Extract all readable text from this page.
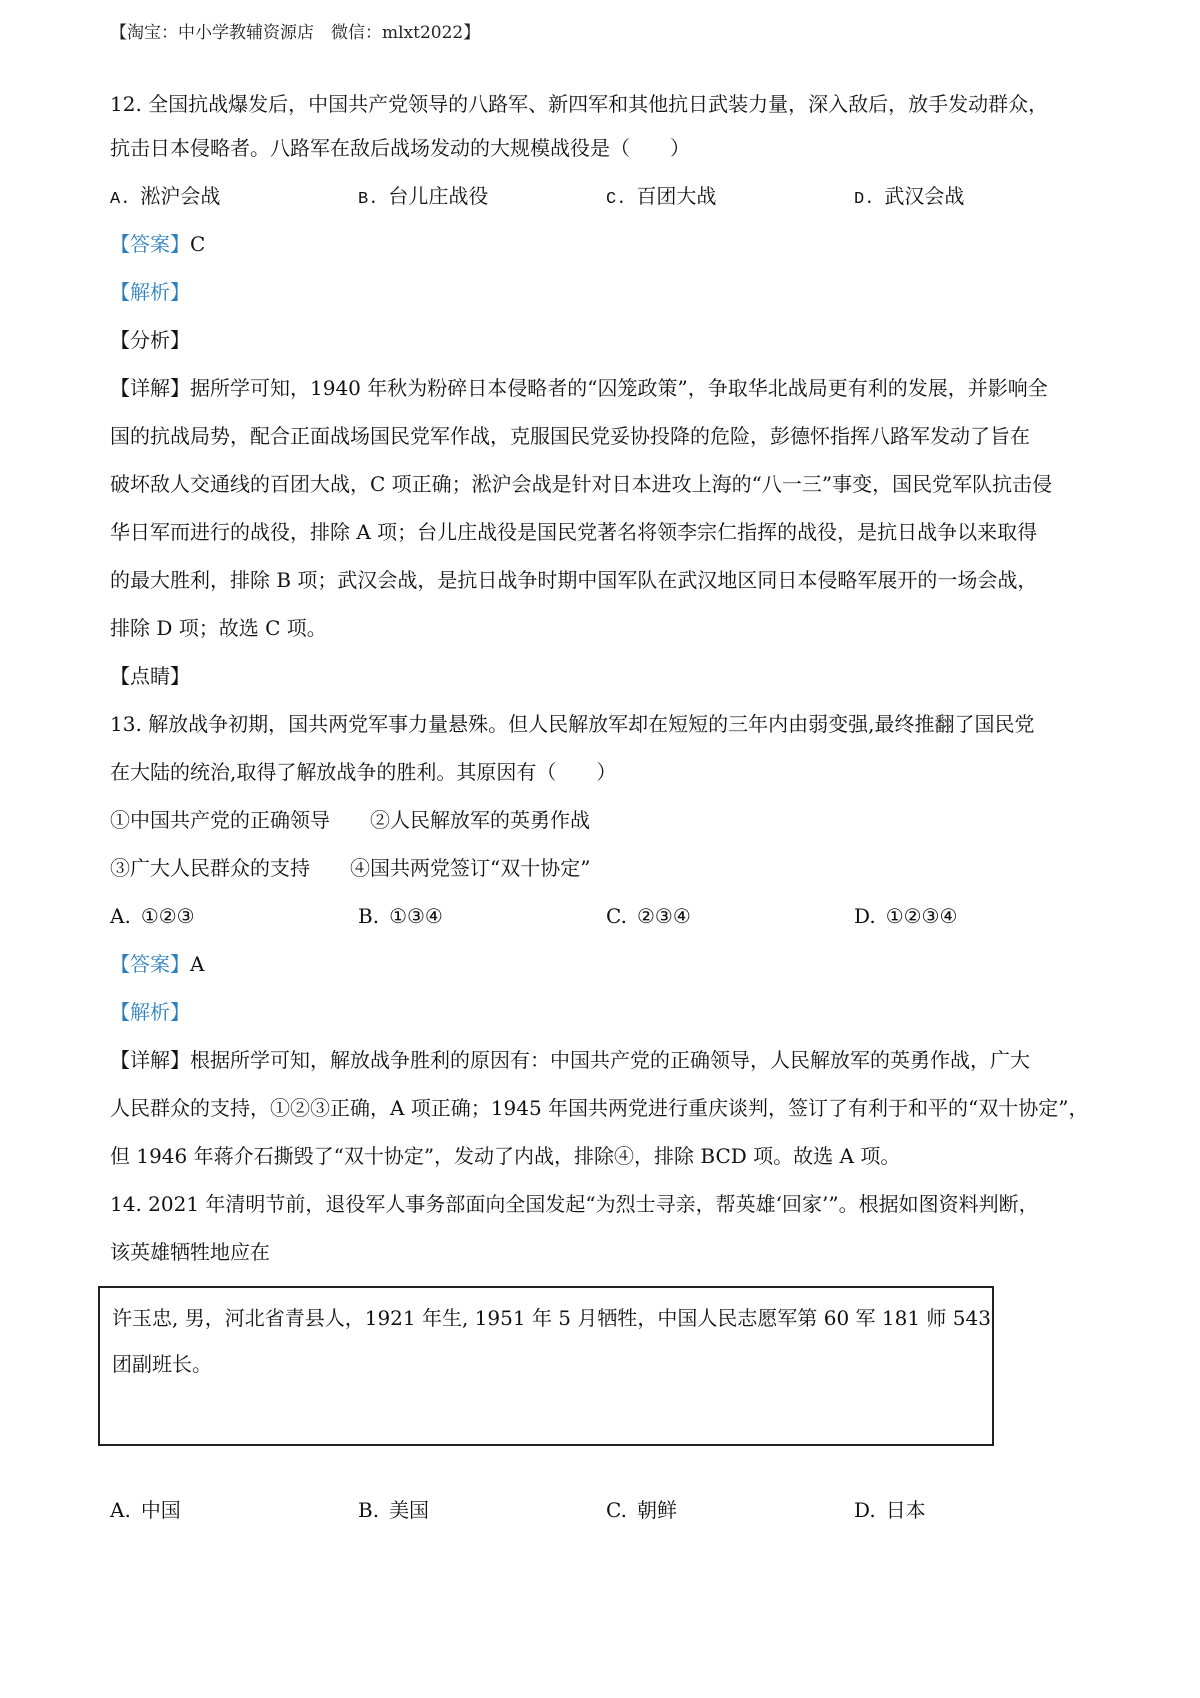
【淘宝：中小学教辅资源店　微信：mlxt2022】
12. 全国抗战爆发后，中国共产党领导的八路军、新四军和其他抗日武装力量，深入敌后，放手发动群众，
抗击日本侵略者。八路军在敌后战场发动的大规模战役是（　　）
A. 淞沪会战	B. 台儿庄战役	C. 百团大战	D. 武汉会战
【答案】C
【解析】
【分析】
【详解】据所学可知，1940 年秋为粉碎日本侵略者的“囚笼政策”，争取华北战局更有利的发展，并影响全
国的抗战局势，配合正面战场国民党军作战，克服国民党妥协投降的危险，彭德怀指挥八路军发动了旨在
破坏敌人交通线的百团大战，C 项正确；淞沪会战是针对日本进攻上海的“八一三”事变，国民党军队抗击侵
华日军而进行的战役，排除 A 项；台儿庄战役是国民党著名将领李宗仁指挥的战役，是抗日战争以来取得
的最大胜利，排除 B 项；武汉会战，是抗日战争时期中国军队在武汉地区同日本侵略军展开的一场会战，
排除 D 项；故选 C 项。
【点睛】
13. 解放战争初期，国共两党军事力量悬殊。但人民解放军却在短短的三年内由弱变强,最终推翻了国民党
在大陆的统治,取得了解放战争的胜利。其原因有（　　）
①中国共产党的正确领导　　②人民解放军的英勇作战
③广大人民群众的支持　　④国共两党签订“双十协定”
A. ①②③	B. ①③④	C. ②③④	D. ①②③④
【答案】A
【解析】
【详解】根据所学可知，解放战争胜利的原因有：中国共产党的正确领导，人民解放军的英勇作战，广大
人民群众的支持，①②③正确，A 项正确；1945 年国共两党进行重庆谈判，签订了有利于和平的“双十协定”，
但 1946 年蒋介石撕毁了“双十协定”，发动了内战，排除④，排除 BCD 项。故选 A 项。
14. 2021 年清明节前，退役军人事务部面向全国发起“为烈士寻亲，帮英雄‘回家’”。根据如图资料判断，
该英雄牺牲地应在
许玉忠, 男，河北省青县人，1921 年生, 1951 年 5 月牺牲，中国人民志愿军第 60 军 181 师 543
团副班长。
A. 中国	B. 美国	C. 朝鲜	D. 日本
